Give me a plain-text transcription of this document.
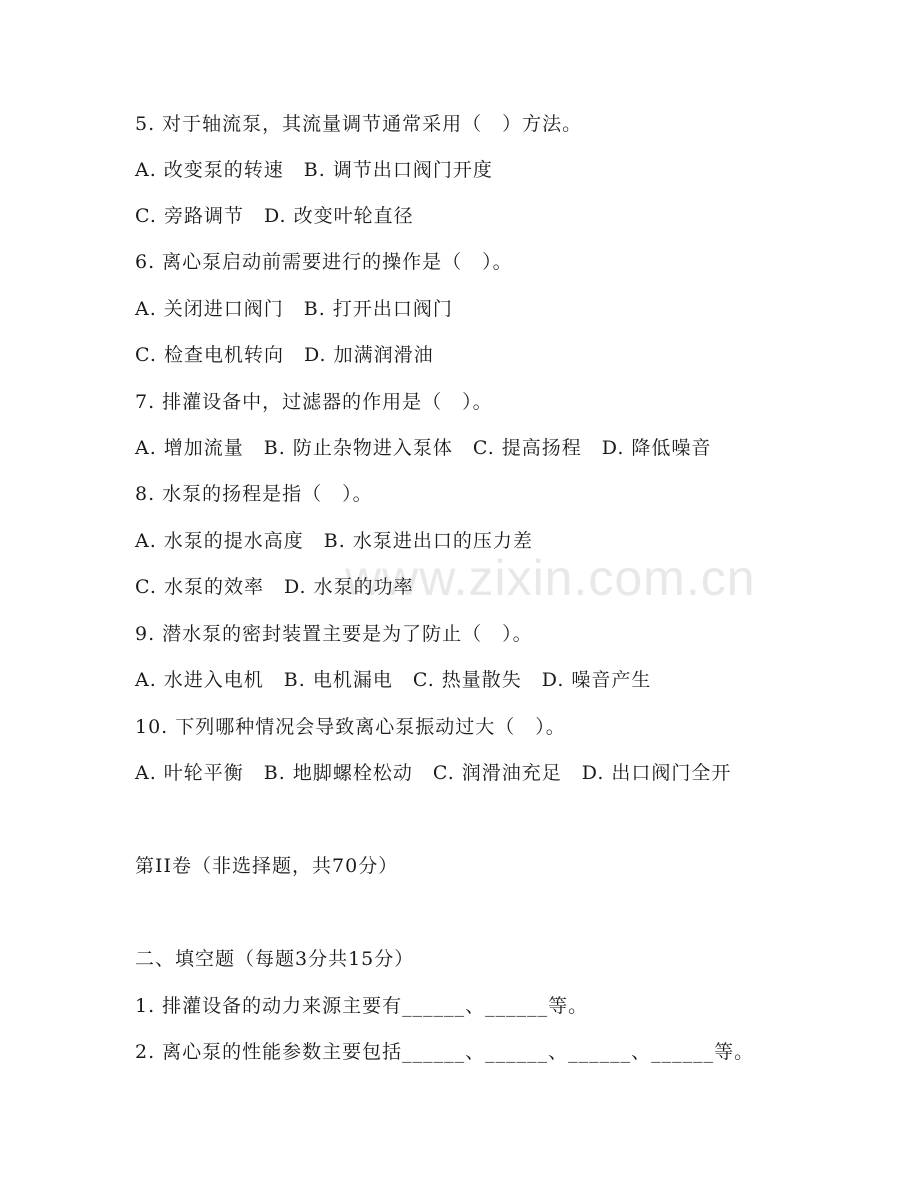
www.zixin.com.cn
5. 对于轴流泵，其流量调节通常采用（　）方法。
A. 改变泵的转速　B. 调节出口阀门开度
C. 旁路调节　D. 改变叶轮直径
6. 离心泵启动前需要进行的操作是（　）。
A. 关闭进口阀门　B. 打开出口阀门
C. 检查电机转向　D. 加满润滑油
7. 排灌设备中，过滤器的作用是（　）。
A. 增加流量　B. 防止杂物进入泵体　C. 提高扬程　D. 降低噪音
8. 水泵的扬程是指（　）。
A. 水泵的提水高度　B. 水泵进出口的压力差
C. 水泵的效率　D. 水泵的功率
9. 潜水泵的密封装置主要是为了防止（　）。
A. 水进入电机　B. 电机漏电　C. 热量散失　D. 噪音产生
10. 下列哪种情况会导致离心泵振动过大（　）。
A. 叶轮平衡　B. 地脚螺栓松动　C. 润滑油充足　D. 出口阀门全开
第II卷（非选择题，共70分）
二、填空题（每题3分共15分）
1. 排灌设备的动力来源主要有______、______等。
2. 离心泵的性能参数主要包括______、______、______、______等。
